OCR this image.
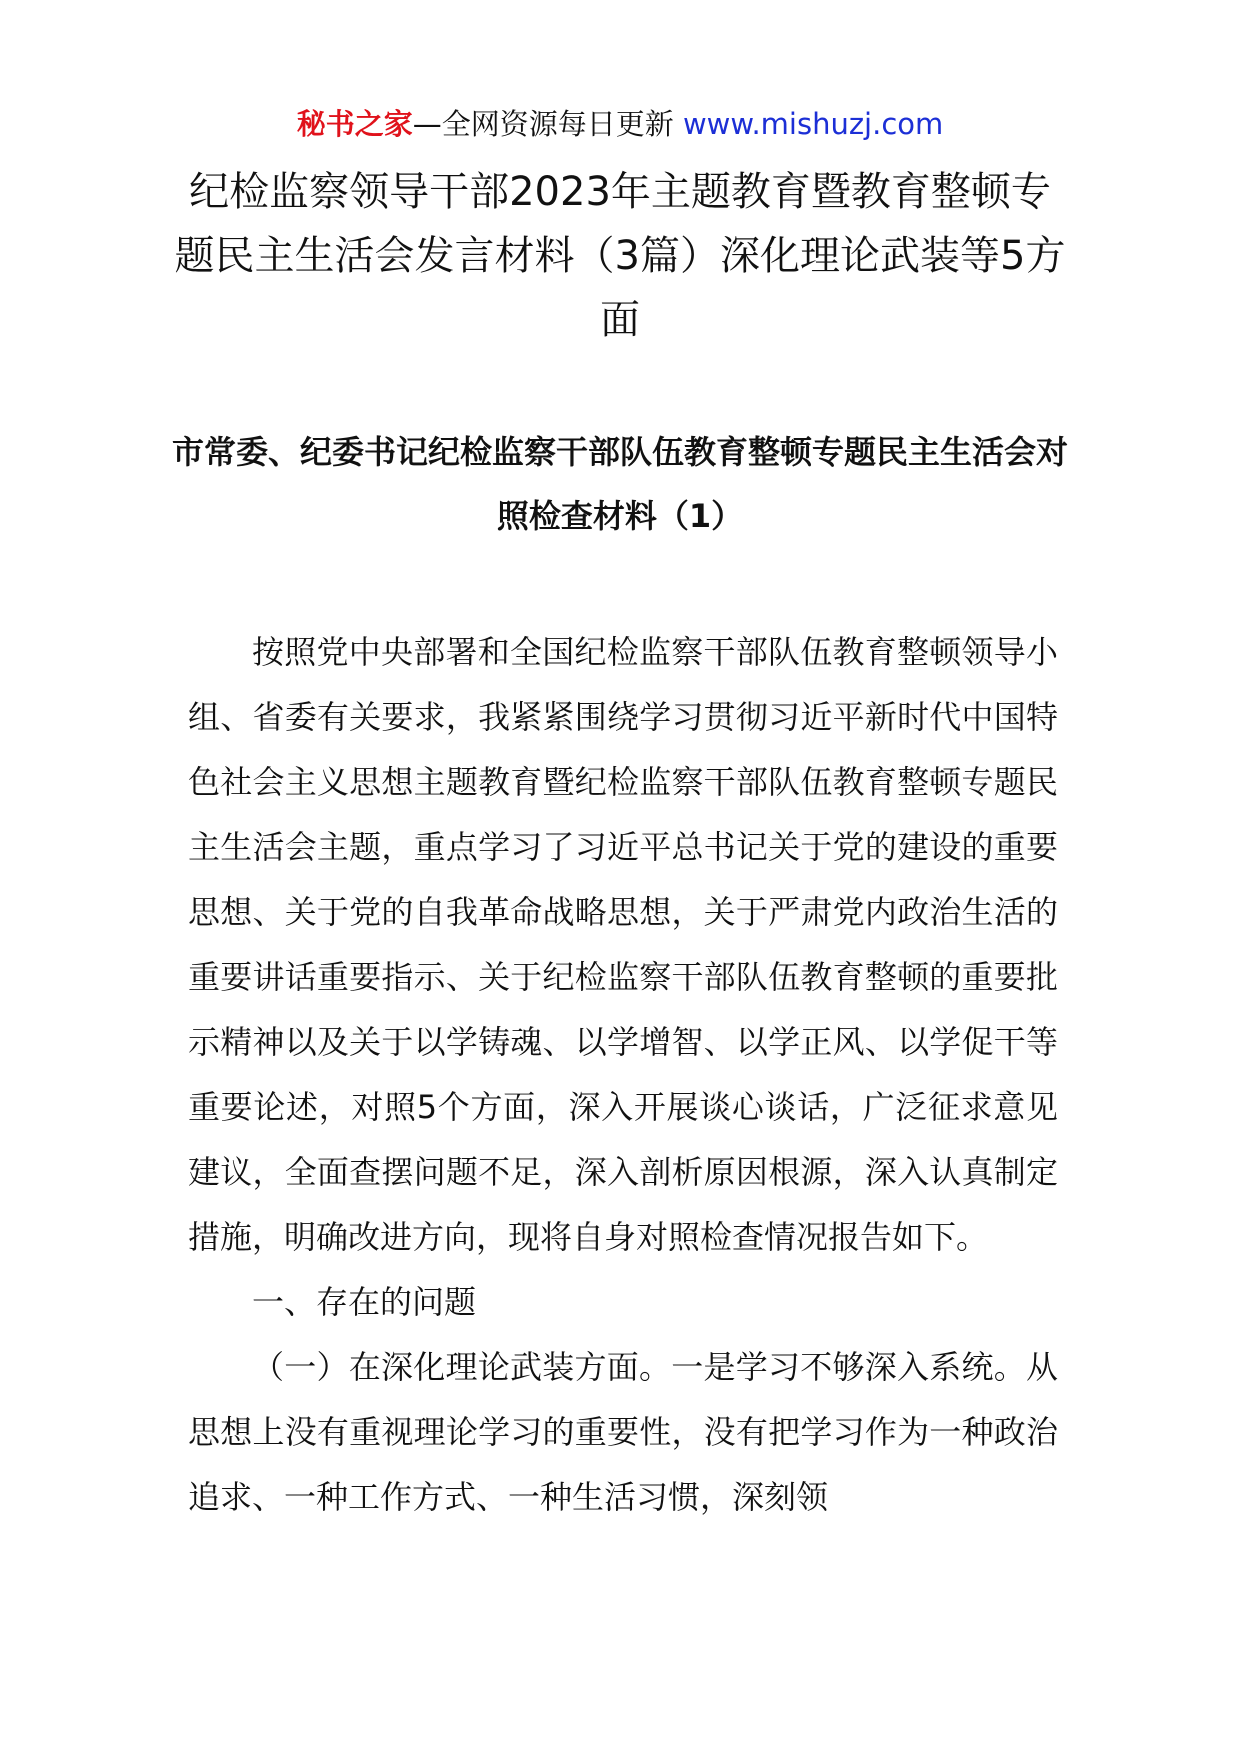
秘书之家—全网资源每日更新 www.mishuzj.com
纪检监察领导干部2023年主题教育暨教育整顿专题民主生活会发言材料（3篇）深化理论武装等5方面
市常委、纪委书记纪检监察干部队伍教育整顿专题民主生活会对照检查材料（1）

按照党中央部署和全国纪检监察干部队伍教育整顿领导小组、省委有关要求，我紧紧围绕学习贯彻习近平新时代中国特色社会主义思想主题教育暨纪检监察干部队伍教育整顿专题民主生活会主题，重点学习了习近平总书记关于党的建设的重要思想、关于党的自我革命战略思想，关于严肃党内政治生活的重要讲话重要指示、关于纪检监察干部队伍教育整顿的重要批示精神以及关于以学铸魂、以学增智、以学正风、以学促干等重要论述，对照5个方面，深入开展谈心谈话，广泛征求意见建议，全面查摆问题不足，深入剖析原因根源，深入认真制定措施，明确改进方向，现将自身对照检查情况报告如下。

一、存在的问题

（一）在深化理论武装方面。一是学习不够深入系统。从思想上没有重视理论学习的重要性，没有把学习作为一种政治追求、一种工作方式、一种生活习惯，深刻领
